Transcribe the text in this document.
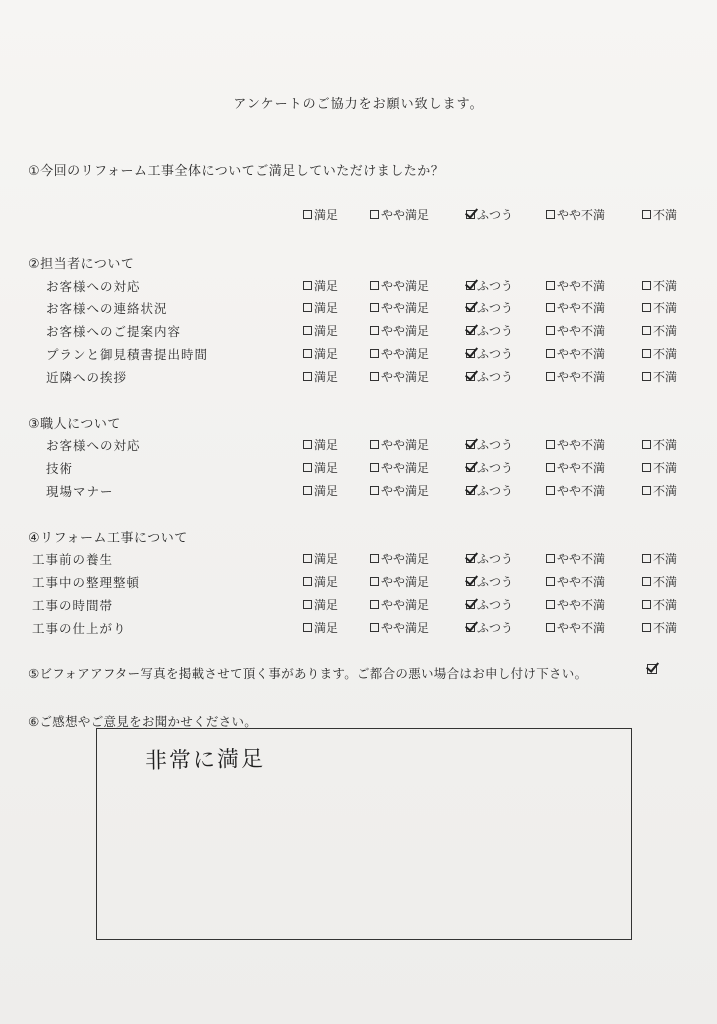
アンケートのご協力をお願い致します。
①今回のリフォーム工事全体についてご満足していただけましたか？
満足	やや満足	ふつう	やや不満	不満
②担当者について
お客様への対応	満足	やや満足	ふつう	やや不満	不満
お客様への連絡状況	満足	やや満足	ふつう	やや不満	不満
お客様へのご提案内容	満足	やや満足	ふつう	やや不満	不満
プランと御見積書提出時間	満足	やや満足	ふつう	やや不満	不満
近隣への挨拶	満足	やや満足	ふつう	やや不満	不満
③職人について
お客様への対応	満足	やや満足	ふつう	やや不満	不満
技術	満足	やや満足	ふつう	やや不満	不満
現場マナー	満足	やや満足	ふつう	やや不満	不満
④リフォーム工事について
工事前の養生	満足	やや満足	ふつう	やや不満	不満
工事中の整理整頓	満足	やや満足	ふつう	やや不満	不満
工事の時間帯	満足	やや満足	ふつう	やや不満	不満
工事の仕上がり	満足	やや満足	ふつう	やや不満	不満
⑤ビフォアアフター写真を掲載させて頂く事があります。ご都合の悪い場合はお申し付け下さい。
⑥ご感想やご意見をお聞かせください。
非常に満足
